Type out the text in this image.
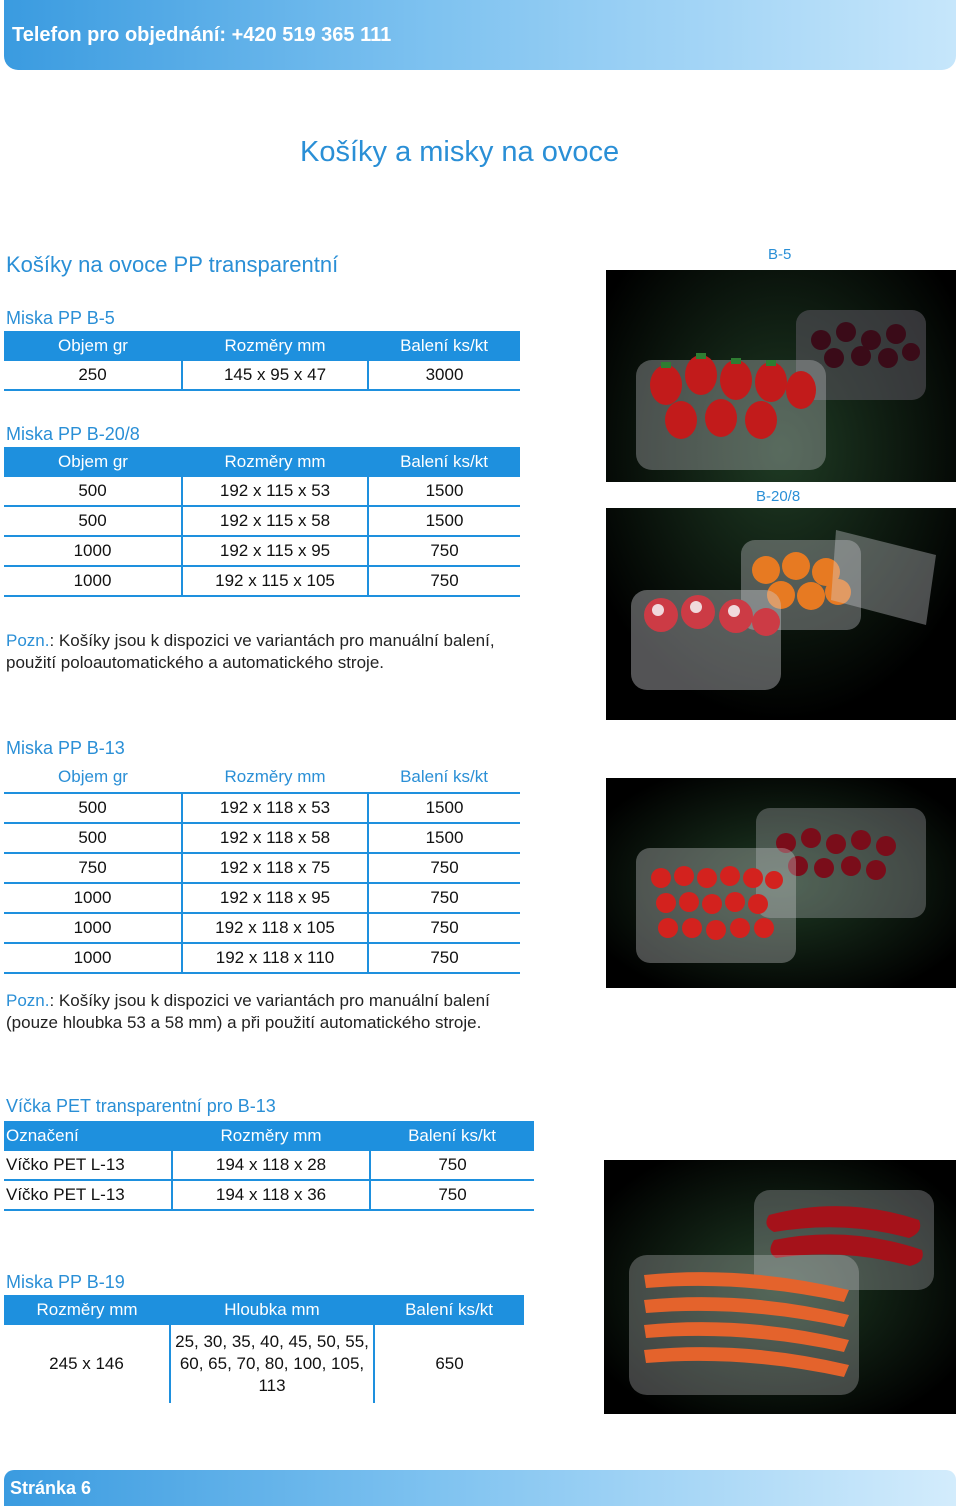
Telefon pro objednání: +420 519 365 111
Košíky a misky na ovoce
Košíky na ovoce PP transparentní
Miska PP B-5
Objem gr	Rozměry mm	Balení ks/kt
250	145 x 95 x 47	3000
Miska PP B-20/8
Objem gr	Rozměry mm	Balení ks/kt
500	192 x 115 x 53	1500
500	192 x 115 x 58	1500
1000	192 x 115 x 95	750
1000	192 x 115 x 105	750
Pozn.: Košíky jsou k dispozici ve variantách pro manuální balení, použití poloautomatického a automatického stroje.
Miska PP B-13
Objem gr	Rozměry mm	Balení ks/kt
500	192 x 118 x 53	1500
500	192 x 118 x 58	1500
750	192 x 118 x 75	750
1000	192 x 118 x 95	750
1000	192 x 118 x 105	750
1000	192 x 118 x 110	750
Pozn.: Košíky jsou k dispozici ve variantách pro manuální balení (pouze hloubka 53 a 58 mm) a při použití automatického stroje.
Víčka PET transparentní pro B-13
Označení	Rozměry mm	Balení ks/kt
Víčko PET L-13	194 x 118 x 28	750
Víčko PET L-13	194 x 118 x 36	750
Miska PP B-19
Rozměry mm	Hloubka mm	Balení ks/kt
245 x 146	25, 30, 35, 40, 45, 50, 55, 60, 65, 70, 80, 100, 105, 113	650
B-5
B-20/8
Stránka 6
